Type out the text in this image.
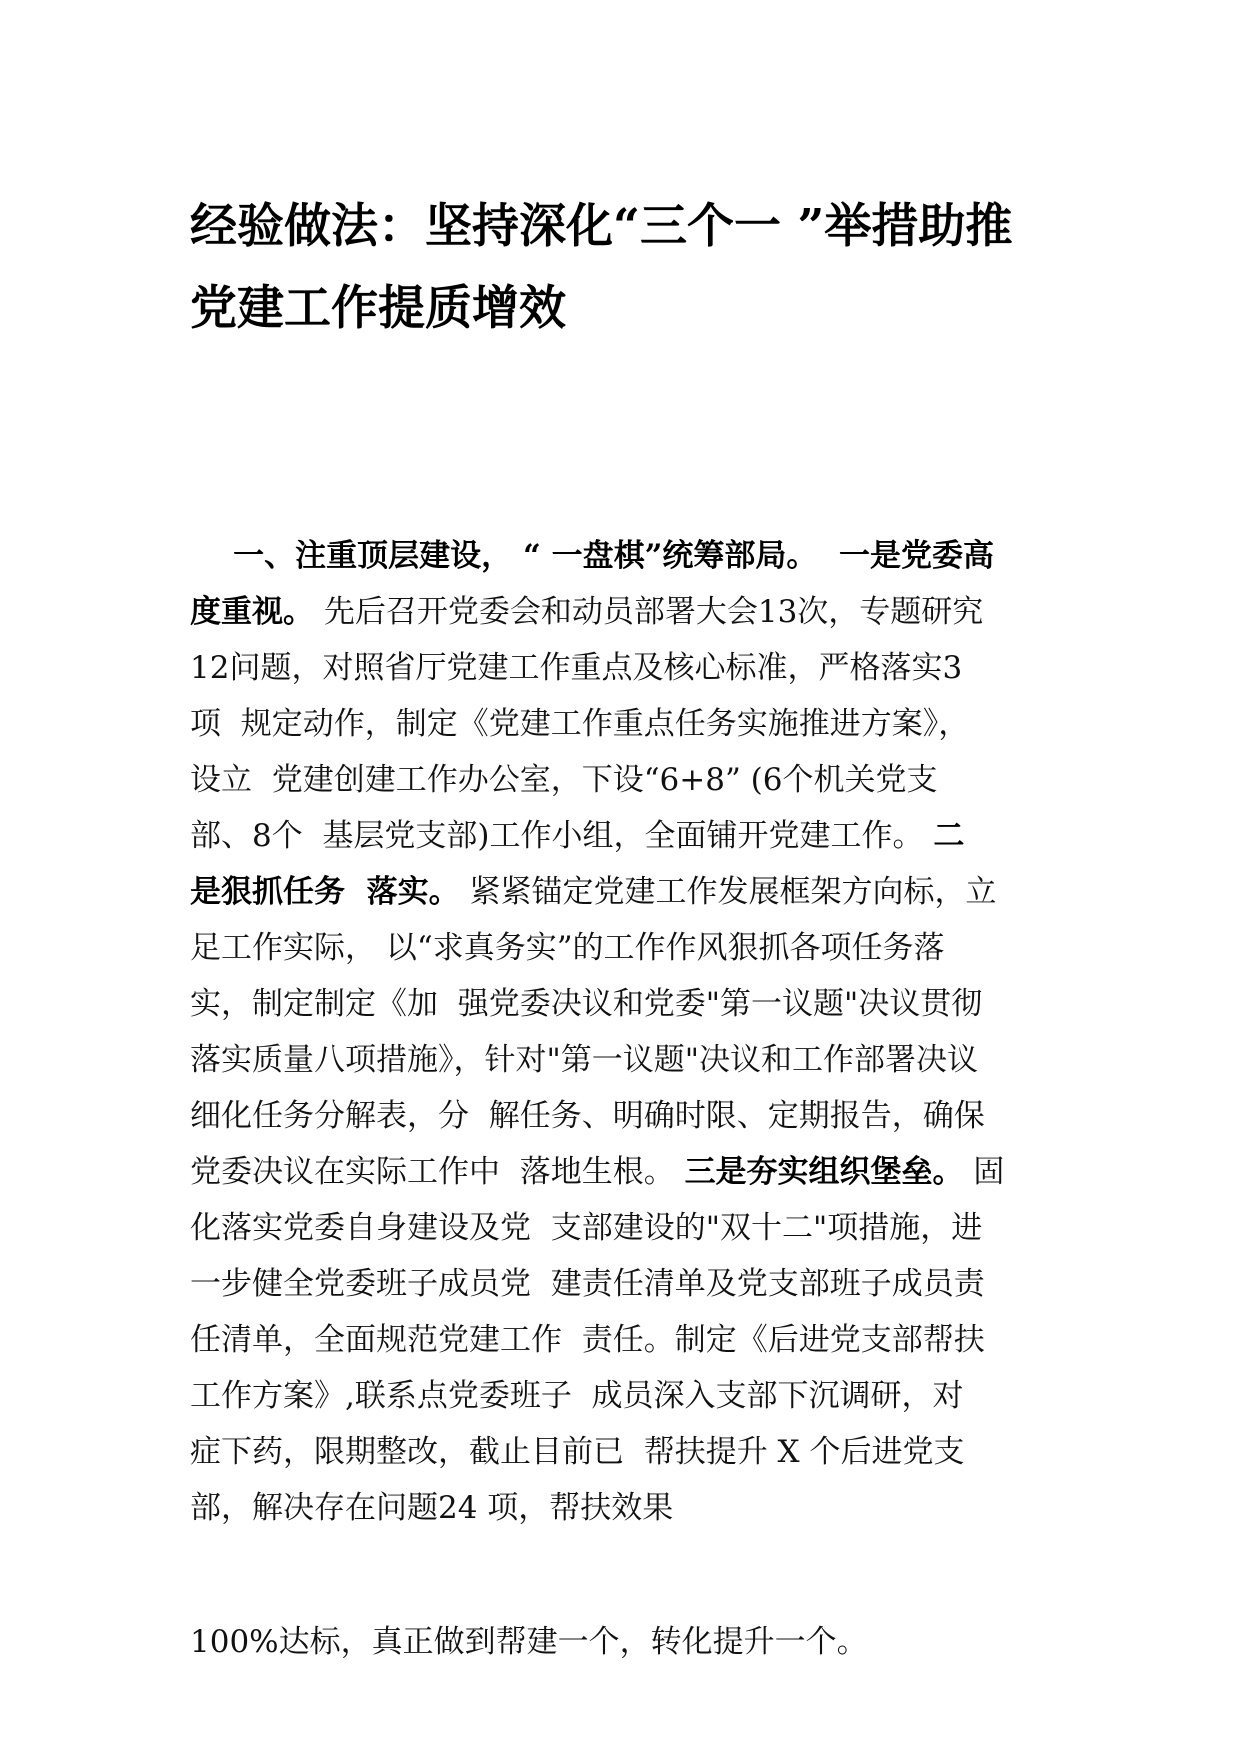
经验做法：坚持深化“三个一 ”举措助推
党建工作提质增效
一、注重顶层建设， “ 一盘棋”统筹部局。  一是党委高
度重视。 先后召开党委会和动员部署大会13次，专题研究
12问题，对照省厅党建工作重点及核心标准，严格落实3
项  规定动作，制定《党建工作重点任务实施推进方案》，
设立  党建创建工作办公室，下设“6+8” (6个机关党支
部、8个  基层党支部)工作小组，全面铺开党建工作。 二
是狠抓任务  落实。 紧紧锚定党建工作发展框架方向标，立
足工作实际， 以“求真务实”的工作作风狠抓各项任务落
实，制定制定《加  强党委决议和党委"第一议题"决议贯彻
落实质量八项措施》，针对"第一议题"决议和工作部署决议
细化任务分解表，分  解任务、明确时限、定期报告，确保
党委决议在实际工作中  落地生根。 三是夯实组织堡垒。 固
化落实党委自身建设及党  支部建设的"双十二"项措施，进
一步健全党委班子成员党  建责任清单及党支部班子成员责
任清单，全面规范党建工作  责任。制定《后进党支部帮扶
工作方案》,联系点党委班子  成员深入支部下沉调研，对
症下药，限期整改，截止目前已  帮扶提升 X 个后进党支
部，解决存在问题24 项，帮扶效果
100%达标，真正做到帮建一个，转化提升一个。
